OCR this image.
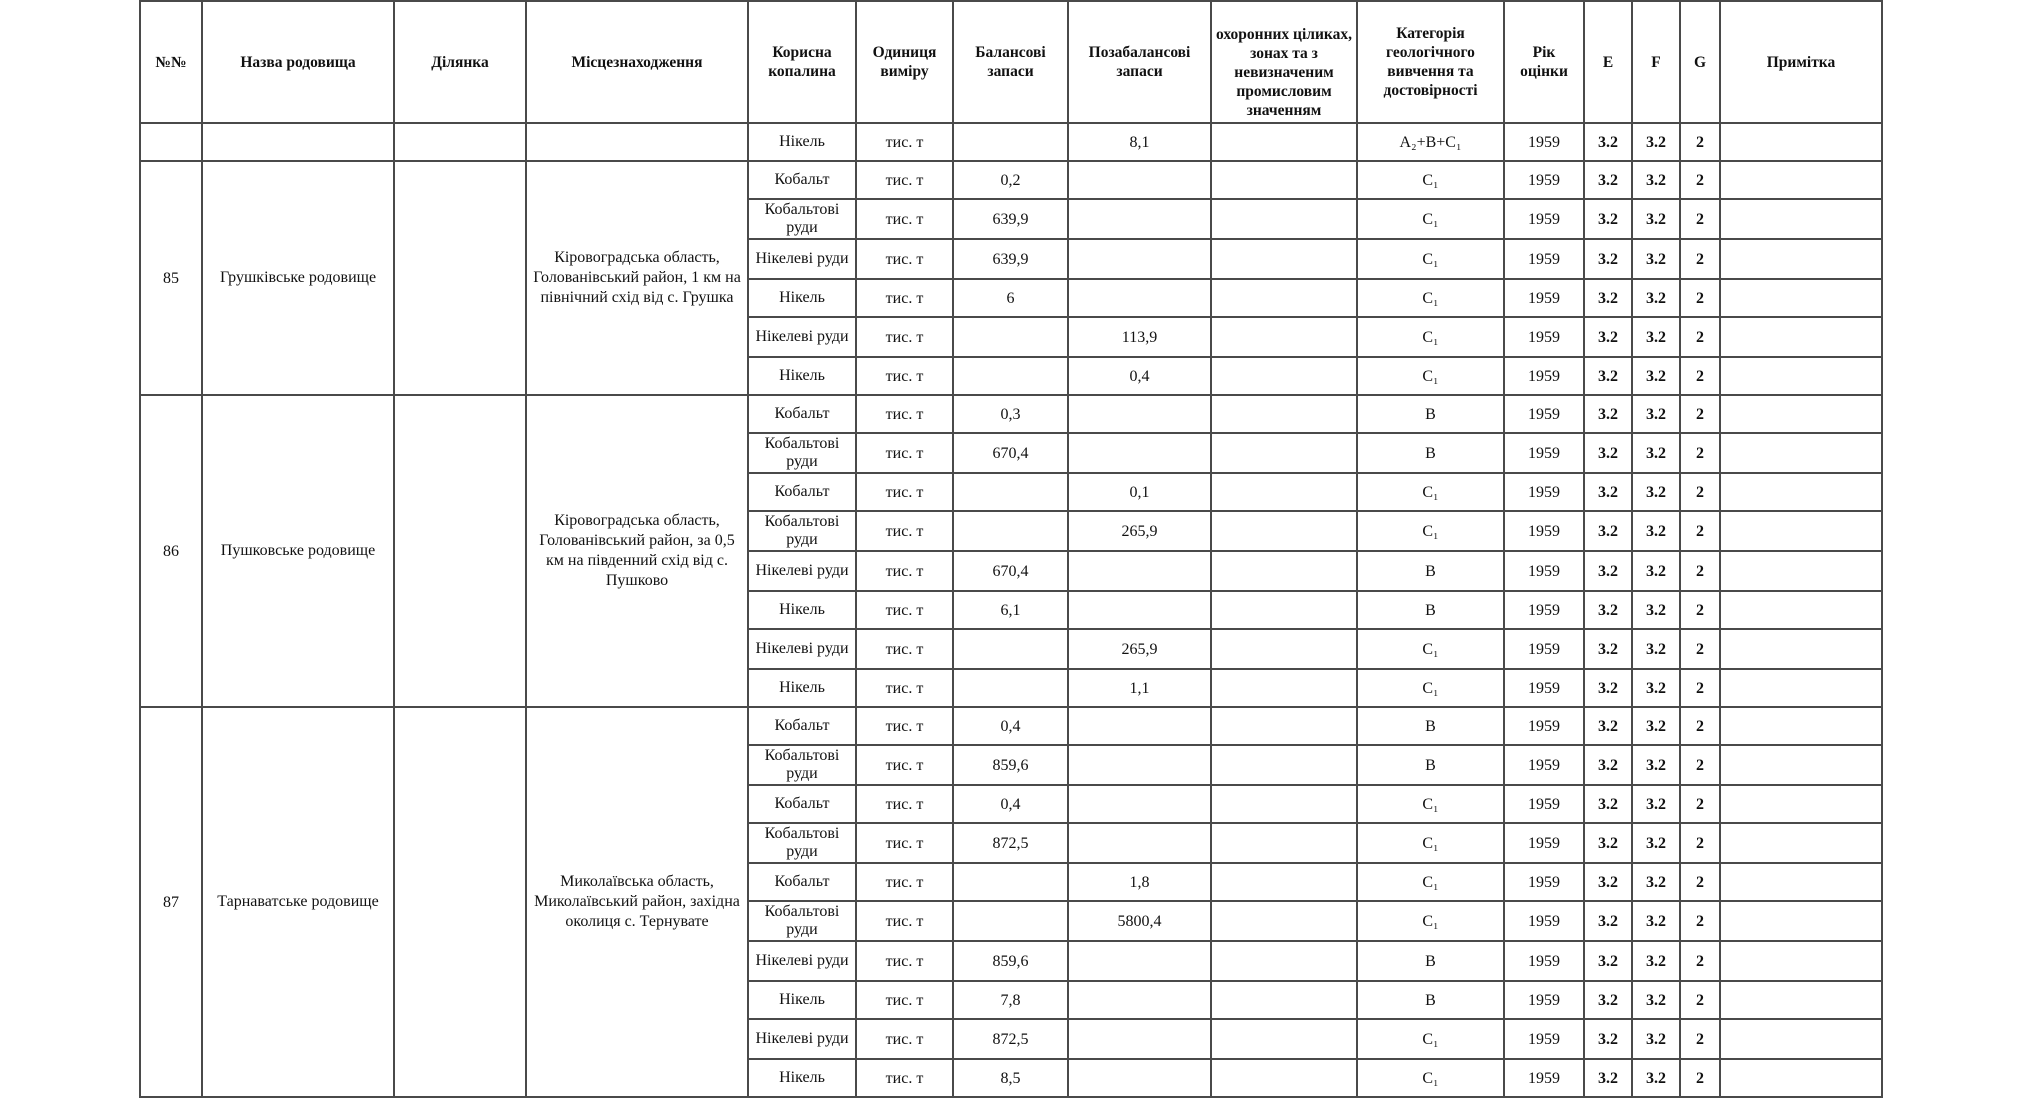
№№	Назва родовища	Ділянка	Місцезнаходження	Корисна копалина	Одиниця виміру	Балансові запаси	Позабалансові запаси	охоронних ціликах, зонах та з невизначеним промисловим значенням	Категорія геологічного вивчення та достовірності	Рік оцінки	E	F	G	Примітка
				Нікель	тис. т		8,1		A₂+B+C₁	1959	3.2	3.2	2	
85	Грушківське родовище		Кіровоградська область, Голованівський район, 1 км на північний схід від с. Грушка	Кобальт	тис. т	0,2			C₁	1959	3.2	3.2	2	
				Кобальтові руди	тис. т	639,9			C₁	1959	3.2	3.2	2	
				Нікелеві руди	тис. т	639,9			C₁	1959	3.2	3.2	2	
				Нікель	тис. т	6			C₁	1959	3.2	3.2	2	
				Нікелеві руди	тис. т		113,9		C₁	1959	3.2	3.2	2	
				Нікель	тис. т		0,4		C₁	1959	3.2	3.2	2	
86	Пушковське родовище		Кіровоградська область, Голованівський район, за 0,5 км на південний схід від с. Пушково	Кобальт	тис. т	0,3			B	1959	3.2	3.2	2	
				Кобальтові руди	тис. т	670,4			B	1959	3.2	3.2	2	
				Кобальт	тис. т		0,1		C₁	1959	3.2	3.2	2	
				Кобальтові руди	тис. т		265,9		C₁	1959	3.2	3.2	2	
				Нікелеві руди	тис. т	670,4			B	1959	3.2	3.2	2	
				Нікель	тис. т	6,1			B	1959	3.2	3.2	2	
				Нікелеві руди	тис. т		265,9		C₁	1959	3.2	3.2	2	
				Нікель	тис. т		1,1		C₁	1959	3.2	3.2	2	
87	Тарнаватське родовище		Миколаївська область, Миколаївський район, західна околиця с. Тернувате	Кобальт	тис. т	0,4			B	1959	3.2	3.2	2	
				Кобальтові руди	тис. т	859,6			B	1959	3.2	3.2	2	
				Кобальт	тис. т	0,4			C₁	1959	3.2	3.2	2	
				Кобальтові руди	тис. т	872,5			C₁	1959	3.2	3.2	2	
				Кобальт	тис. т		1,8		C₁	1959	3.2	3.2	2	
				Кобальтові руди	тис. т		5800,4		C₁	1959	3.2	3.2	2	
				Нікелеві руди	тис. т	859,6			B	1959	3.2	3.2	2	
				Нікель	тис. т	7,8			B	1959	3.2	3.2	2	
				Нікелеві руди	тис. т	872,5			C₁	1959	3.2	3.2	2	
				Нікель	тис. т	8,5			C₁	1959	3.2	3.2	2	
